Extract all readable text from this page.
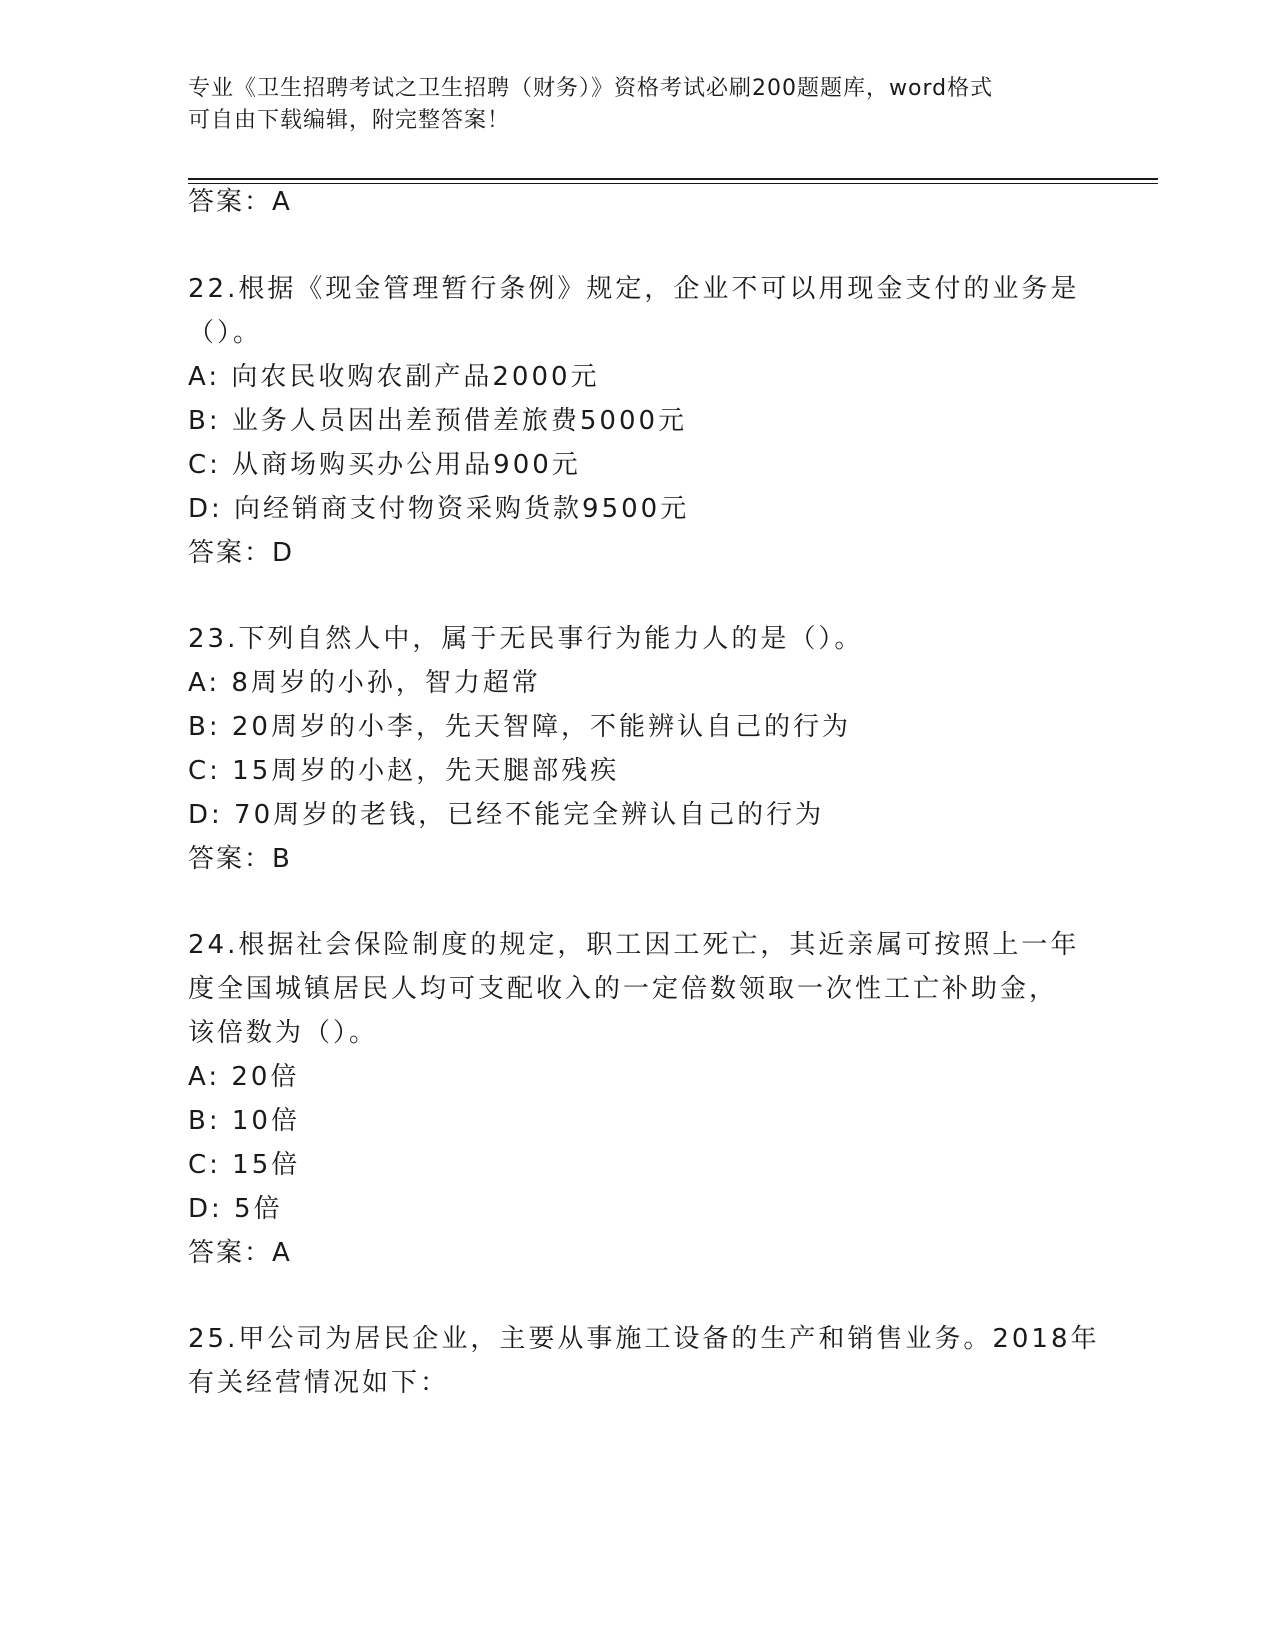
专业《卫生招聘考试之卫生招聘（财务）》资格考试必刷200题题库，word格式
可自由下载编辑，附完整答案！
答案：A
22.根据《现金管理暂行条例》规定，企业不可以用现金支付的业务是
（）。
A: 向农民收购农副产品2000元
B: 业务人员因出差预借差旅费5000元
C: 从商场购买办公用品900元
D: 向经销商支付物资采购货款9500元
答案：D
23.下列自然人中，属于无民事行为能力人的是（）。
A: 8周岁的小孙，智力超常
B: 20周岁的小李，先天智障，不能辨认自己的行为
C: 15周岁的小赵，先天腿部残疾
D: 70周岁的老钱，已经不能完全辨认自己的行为
答案：B
24.根据社会保险制度的规定，职工因工死亡，其近亲属可按照上一年
度全国城镇居民人均可支配收入的一定倍数领取一次性工亡补助金，
该倍数为（）。
A: 20倍
B: 10倍
C: 15倍
D: 5倍
答案：A
25.甲公司为居民企业，主要从事施工设备的生产和销售业务。2018年
有关经营情况如下：
